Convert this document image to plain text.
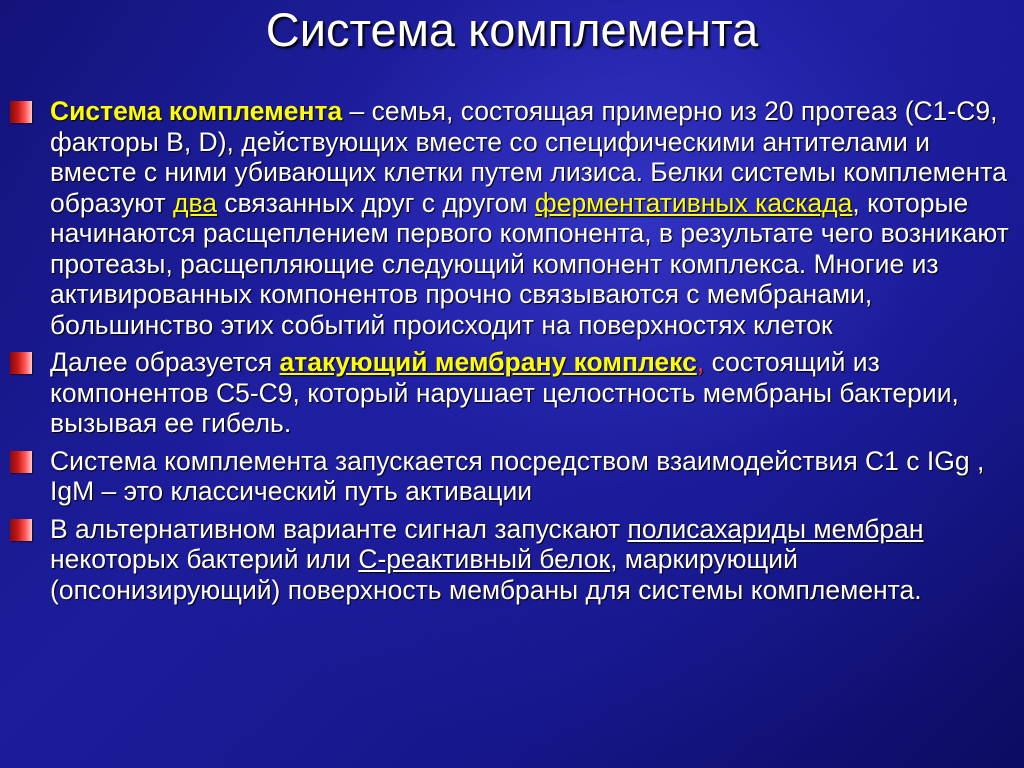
Система комплемента
Система комплемента – семья, состоящая примерно из 20 протеаз (С1-С9, факторы В, D), действующих вместе со специфическими антителами и вместе с ними убивающих клетки путем лизиса. Белки системы комплемента образуют два связанных друг с другом ферментативных каскада, которые начинаются расщеплением первого компонента, в результате чего возникают протеазы, расщепляющие следующий компонент комплекса. Многие из активированных компонентов прочно связываются с мембранами, большинство этих событий происходит на поверхностях клеток
Далее образуется атакующий мембрану комплекс, состоящий из компонентов С5-С9, который нарушает целостность мембраны бактерии, вызывая ее гибель.
Система комплемента запускается посредством взаимодействия С1 с IGg , IgM – это классический путь активации
В альтернативном варианте сигнал запускают полисахариды мембран некоторых бактерий или С-реактивный белок, маркирующий (опсонизирующий) поверхность мембраны для системы комплемента.
